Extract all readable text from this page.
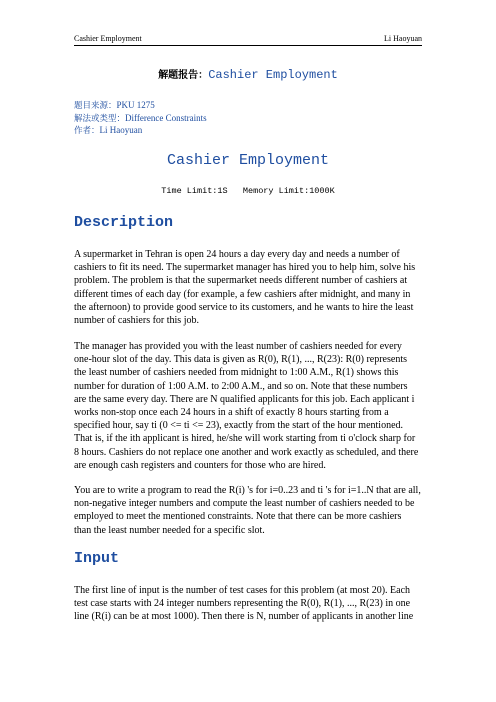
Cashier Employment	Li Haoyuan
解题报告：Cashier Employment
题目来源：PKU 1275
解法或类型：Difference Constraints
作者：Li Haoyuan
Cashier Employment
Time Limit:1S   Memory Limit:1000K
Description
A supermarket in Tehran is open 24 hours a day every day and needs a number of
cashiers to fit its need. The supermarket manager has hired you to help him, solve his
problem. The problem is that the supermarket needs different number of cashiers at
different times of each day (for example, a few cashiers after midnight, and many in
the afternoon) to provide good service to its customers, and he wants to hire the least
number of cashiers for this job.
The manager has provided you with the least number of cashiers needed for every
one-hour slot of the day. This data is given as R(0), R(1), ..., R(23): R(0) represents
the least number of cashiers needed from midnight to 1:00 A.M., R(1) shows this
number for duration of 1:00 A.M. to 2:00 A.M., and so on. Note that these numbers
are the same every day. There are N qualified applicants for this job. Each applicant i
works non-stop once each 24 hours in a shift of exactly 8 hours starting from a
specified hour, say ti (0 <= ti <= 23), exactly from the start of the hour mentioned.
That is, if the ith applicant is hired, he/she will work starting from ti o'clock sharp for
8 hours. Cashiers do not replace one another and work exactly as scheduled, and there
are enough cash registers and counters for those who are hired.
You are to write a program to read the R(i) 's for i=0..23 and ti 's for i=1..N that are all,
non-negative integer numbers and compute the least number of cashiers needed to be
employed to meet the mentioned constraints. Note that there can be more cashiers
than the least number needed for a specific slot.
Input
The first line of input is the number of test cases for this problem (at most 20). Each
test case starts with 24 integer numbers representing the R(0), R(1), ..., R(23) in one
line (R(i) can be at most 1000). Then there is N, number of applicants in another line
